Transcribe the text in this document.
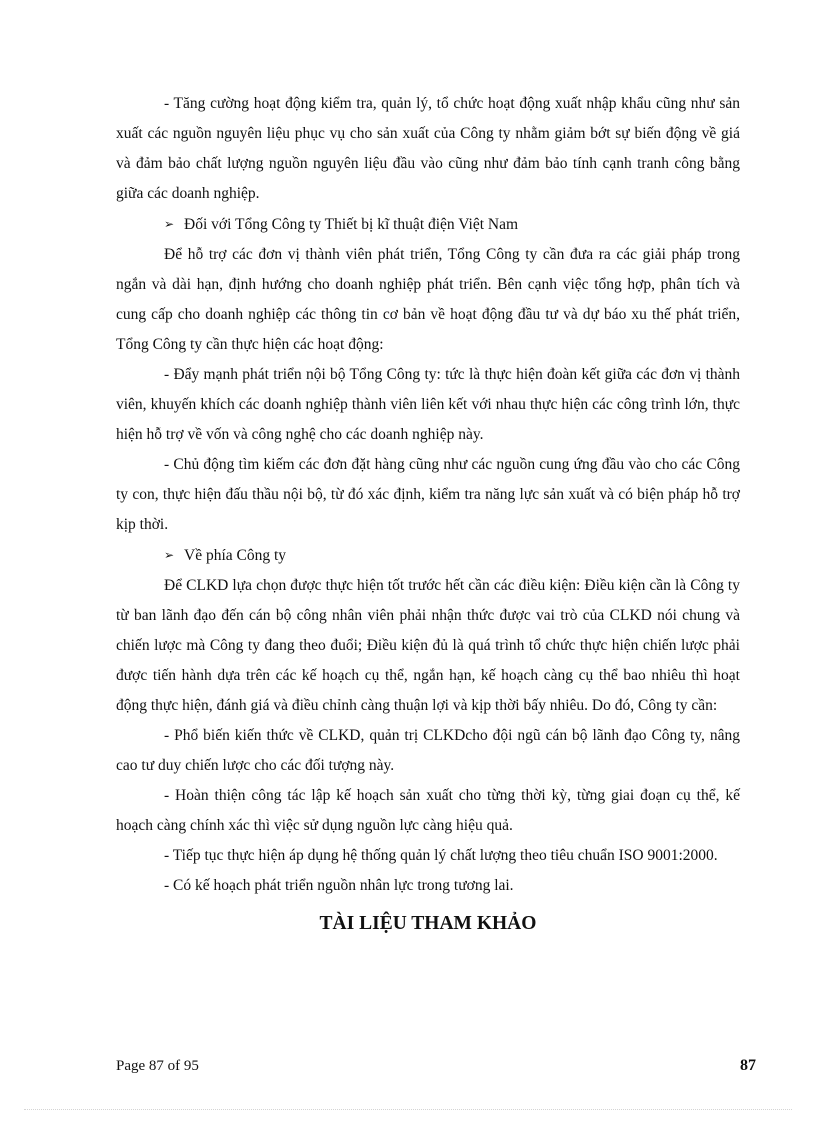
- Tăng cường hoạt động kiểm tra, quản lý, tổ chức hoạt động xuất nhập khẩu cũng như sản xuất các nguồn nguyên liệu phục vụ cho sản xuất của Công ty nhằm giảm bớt sự biến động về giá và đảm bảo chất lượng nguồn nguyên liệu đầu vào cũng như đảm bảo tính cạnh tranh công bằng giữa các doanh nghiệp.

➢ Đối với Tổng Công ty Thiết bị kĩ thuật điện Việt Nam

Để hỗ trợ các đơn vị thành viên phát triển, Tổng Công ty cần đưa ra các giải pháp trong ngắn và dài hạn, định hướng cho doanh nghiệp phát triển. Bên cạnh việc tổng hợp, phân tích và cung cấp cho doanh nghiệp các thông tin cơ bản về hoạt động đầu tư và dự báo xu thế phát triển, Tổng Công ty cần thực hiện các hoạt động:

- Đẩy mạnh phát triển nội bộ Tổng Công ty: tức là thực hiện đoàn kết giữa các đơn vị thành viên, khuyến khích các doanh nghiệp thành viên liên kết với nhau thực hiện các công trình lớn, thực hiện hỗ trợ về vốn và công nghệ cho các doanh nghiệp này.

- Chủ động tìm kiếm các đơn đặt hàng cũng như các nguồn cung ứng đầu vào cho các Công ty con, thực hiện đấu thầu nội bộ, từ đó xác định, kiểm tra năng lực sản xuất và có biện pháp hỗ trợ kịp thời.

➢ Về phía Công ty

Để CLKD lựa chọn được thực hiện tốt trước hết cần các điều kiện: Điều kiện cần là Công ty từ ban lãnh đạo đến cán bộ công nhân viên phải nhận thức được vai trò của CLKD nói chung và chiến lược mà Công ty đang theo đuổi; Điều kiện đủ là quá trình tổ chức thực hiện chiến lược phải được tiến hành dựa trên các kế hoạch cụ thể, ngắn hạn, kế hoạch càng cụ thể bao nhiêu thì hoạt động thực hiện, đánh giá và điều chỉnh càng thuận lợi và kịp thời bấy nhiêu. Do đó, Công ty cần:

- Phổ biến kiến thức về CLKD, quản trị CLKDcho đội ngũ cán bộ lãnh đạo Công ty, nâng cao tư duy chiến lược cho các đối tượng này.

- Hoàn thiện công tác lập kế hoạch sản xuất cho từng thời kỳ, từng giai đoạn cụ thể, kế hoạch càng chính xác thì việc sử dụng nguồn lực càng hiệu quả.

- Tiếp tục thực hiện áp dụng hệ thống quản lý chất lượng theo tiêu chuẩn ISO 9001:2000.

- Có kế hoạch phát triển nguồn nhân lực trong tương lai.

TÀI LIỆU THAM KHẢO
Page 87 of 95	87
